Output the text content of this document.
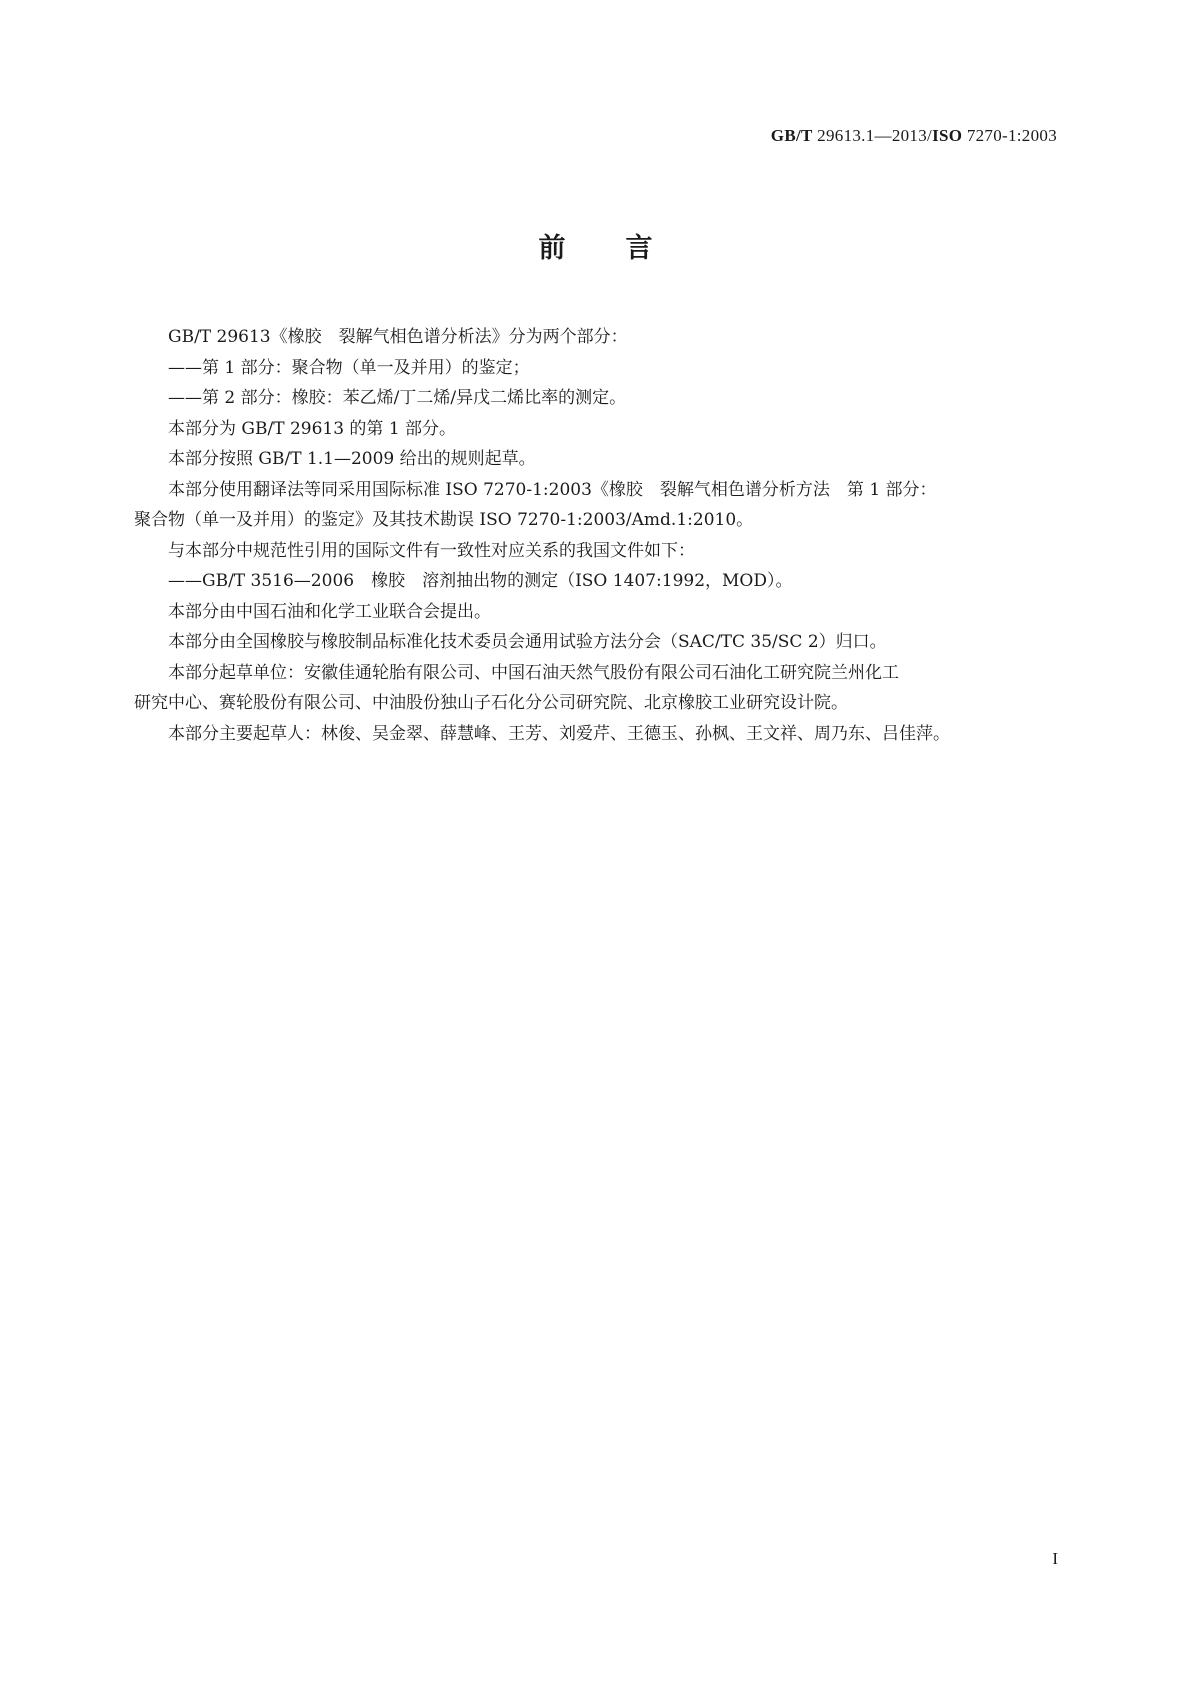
GB/T 29613.1—2013/ISO 7270-1:2003
前言

GB/T 29613《橡胶　裂解气相色谱分析法》分为两个部分：

——第 1 部分：聚合物（单一及并用）的鉴定；

——第 2 部分：橡胶：苯乙烯/丁二烯/异戊二烯比率的测定。

本部分为 GB/T 29613 的第 1 部分。

本部分按照 GB/T 1.1—2009 给出的规则起草。

本部分使用翻译法等同采用国际标准 ISO 7270-1:2003《橡胶　裂解气相色谱分析方法　第 1 部分：

聚合物（单一及并用）的鉴定》及其技术勘误 ISO 7270-1:2003/Amd.1:2010。

与本部分中规范性引用的国际文件有一致性对应关系的我国文件如下：

——GB/T 3516—2006　橡胶　溶剂抽出物的测定（ISO 1407:1992，MOD）。

本部分由中国石油和化学工业联合会提出。

本部分由全国橡胶与橡胶制品标准化技术委员会通用试验方法分会（SAC/TC 35/SC 2）归口。

本部分起草单位：安徽佳通轮胎有限公司、中国石油天然气股份有限公司石油化工研究院兰州化工

研究中心、赛轮股份有限公司、中油股份独山子石化分公司研究院、北京橡胶工业研究设计院。

本部分主要起草人：林俊、吴金翠、薛慧峰、王芳、刘爱芹、王德玉、孙枫、王文祥、周乃东、吕佳萍。

I
